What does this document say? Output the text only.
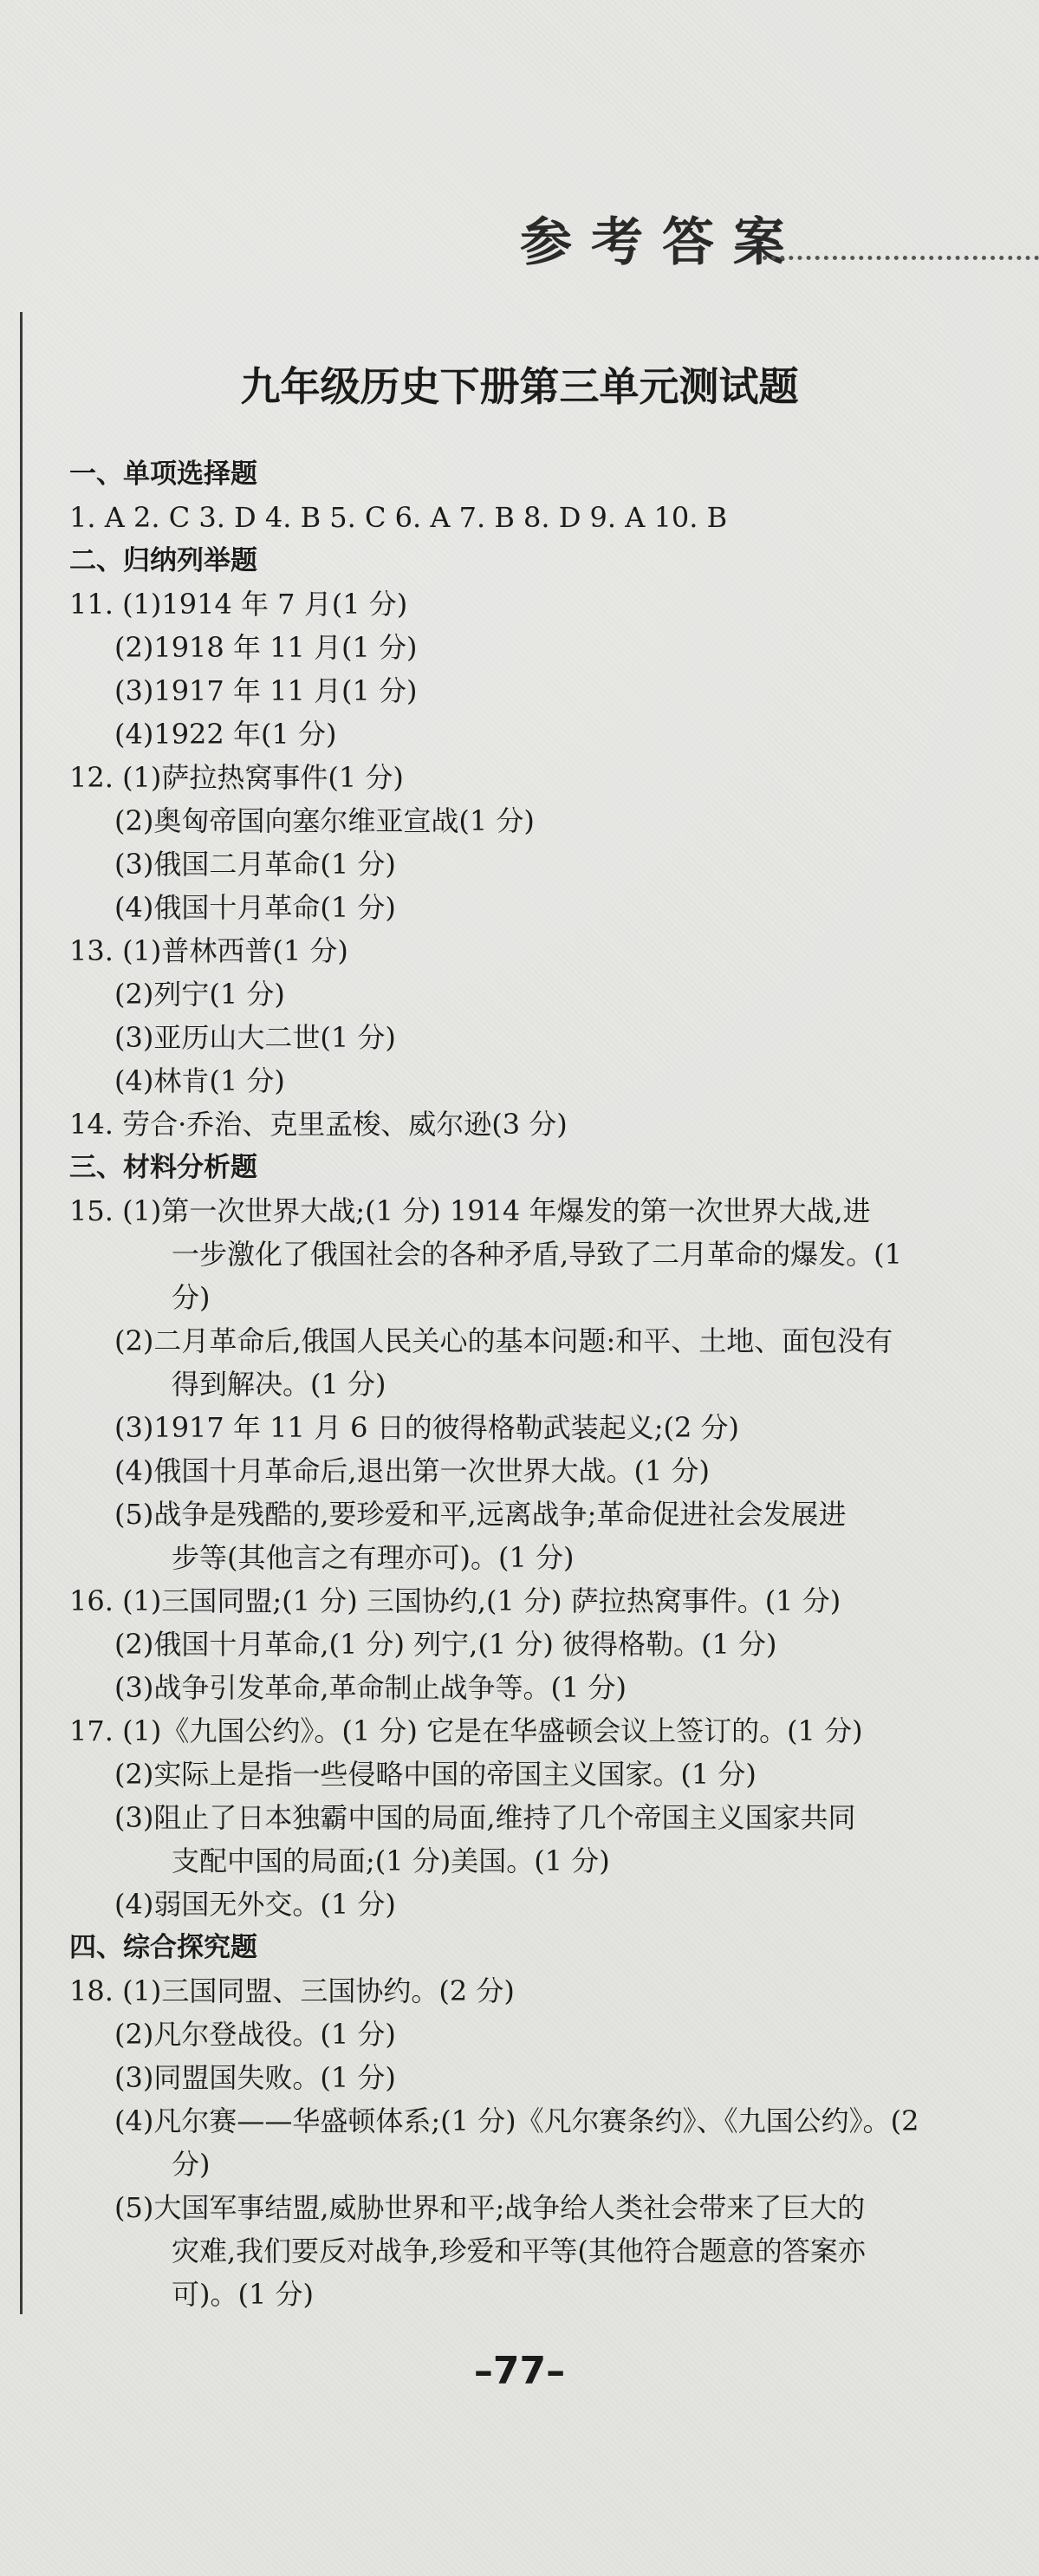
参考答案
九年级历史下册第三单元测试题
一、单项选择题
1. A 2. C 3. D 4. B 5. C 6. A 7. B 8. D 9. A 10. B
二、归纳列举题
11. (1)1914 年 7 月(1 分)
(2)1918 年 11 月(1 分)
(3)1917 年 11 月(1 分)
(4)1922 年(1 分)
12. (1)萨拉热窝事件(1 分)
(2)奥匈帝国向塞尔维亚宣战(1 分)
(3)俄国二月革命(1 分)
(4)俄国十月革命(1 分)
13. (1)普林西普(1 分)
(2)列宁(1 分)
(3)亚历山大二世(1 分)
(4)林肯(1 分)
14. 劳合·乔治、克里孟梭、威尔逊(3 分)
三、材料分析题
15. (1)第一次世界大战;(1 分) 1914 年爆发的第一次世界大战,进
一步激化了俄国社会的各种矛盾,导致了二月革命的爆发。(1
分)
(2)二月革命后,俄国人民关心的基本问题:和平、土地、面包没有
得到解决。(1 分)
(3)1917 年 11 月 6 日的彼得格勒武装起义;(2 分)
(4)俄国十月革命后,退出第一次世界大战。(1 分)
(5)战争是残酷的,要珍爱和平,远离战争;革命促进社会发展进
步等(其他言之有理亦可)。(1 分)
16. (1)三国同盟;(1 分) 三国协约,(1 分) 萨拉热窝事件。(1 分)
(2)俄国十月革命,(1 分) 列宁,(1 分) 彼得格勒。(1 分)
(3)战争引发革命,革命制止战争等。(1 分)
17. (1)《九国公约》。(1 分) 它是在华盛顿会议上签订的。(1 分)
(2)实际上是指一些侵略中国的帝国主义国家。(1 分)
(3)阻止了日本独霸中国的局面,维持了几个帝国主义国家共同
支配中国的局面;(1 分)美国。(1 分)
(4)弱国无外交。(1 分)
四、综合探究题
18. (1)三国同盟、三国协约。(2 分)
(2)凡尔登战役。(1 分)
(3)同盟国失败。(1 分)
(4)凡尔赛——华盛顿体系;(1 分)《凡尔赛条约》、《九国公约》。(2
分)
(5)大国军事结盟,威胁世界和平;战争给人类社会带来了巨大的
灾难,我们要反对战争,珍爱和平等(其他符合题意的答案亦
可)。(1 分)
–77–
